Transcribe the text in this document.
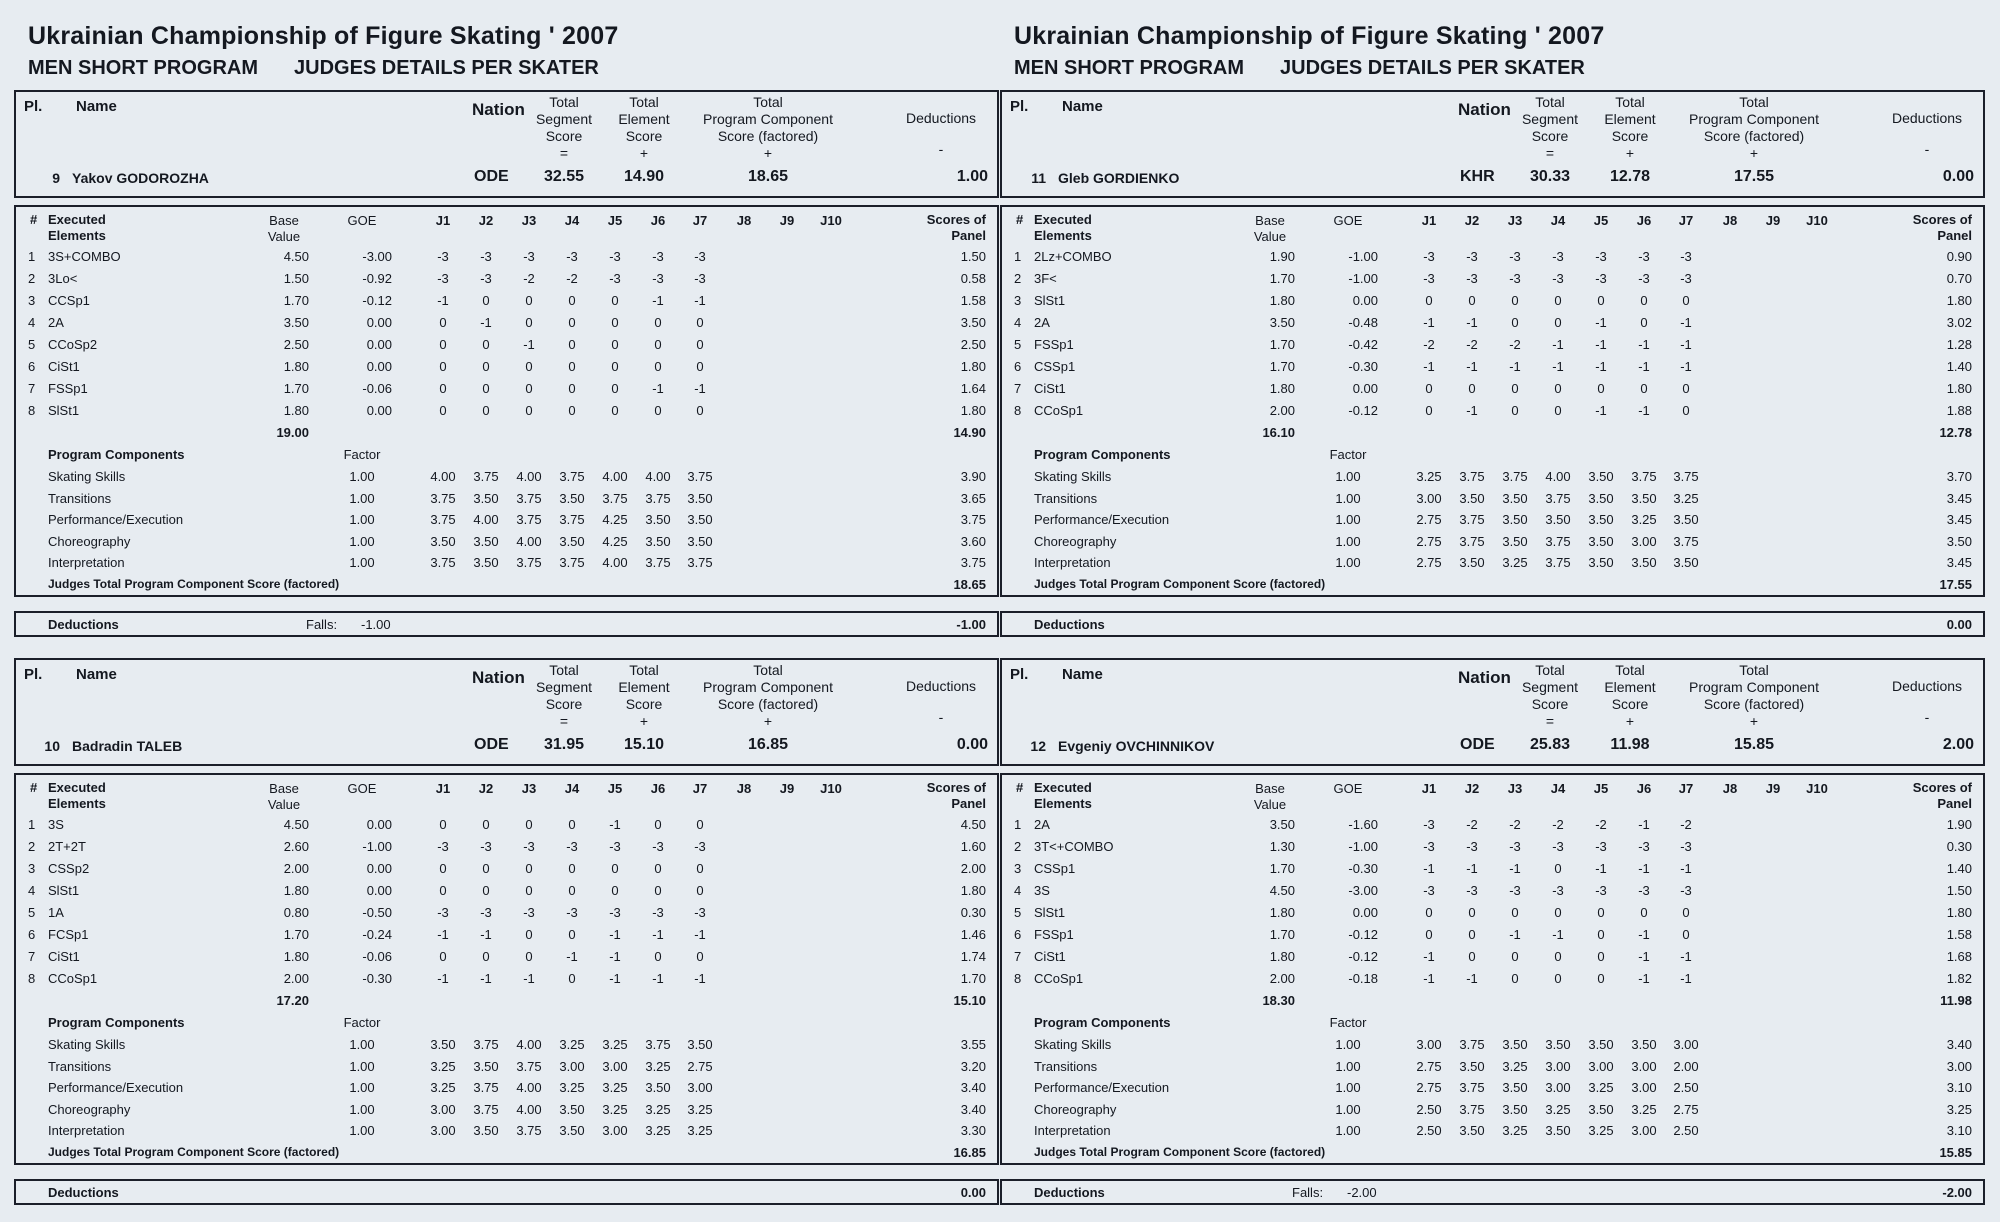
Ukrainian Championship of Figure Skating ' 2007
MEN SHORT PROGRAM JUDGES DETAILS PER SKATER
Pl. Name	Nation	Total
Segment
Score
=
Total
Element
Score
+
Total
Program Component
Score (factored)
+
Deductions
-
9 Yakov GODOROZHA	ODE	32.55	14.90	18.65	1.00
# Executed
Elements
Base
Value
GOE	J1	J2	J3	J4	J5	J6	J7	J8	J9	J10	Scores of
Panel
1 3S+COMBO	4.50	-3.00	-3	-3	-3	-3	-3	-3	-3	1.50
2 3Lo<	1.50	-0.92	-3	-3	-2	-2	-3	-3	-3	0.58
3 CCSp1	1.70	-0.12	-1	0	0	0	0	-1	-1	1.58
4 2A	3.50	0.00	0	-1	0	0	0	0	0	3.50
5 CCoSp2	2.50	0.00	0	0	-1	0	0	0	0	2.50
6 CiSt1	1.80	0.00	0	0	0	0	0	0	0	1.80
7 FSSp1	1.70	-0.06	0	0	0	0	0	-1	-1	1.64
8 SlSt1	1.80	0.00	0	0	0	0	0	0	0	1.80
19.00	14.90
Program Components	Factor
Skating Skills	1.00	4.00	3.75	4.00	3.75	4.00	4.00	3.75	3.90
Transitions	1.00	3.75	3.50	3.75	3.50	3.75	3.75	3.50	3.65
Performance/Execution	1.00	3.75	4.00	3.75	3.75	4.25	3.50	3.50	3.75
Choreography	1.00	3.50	3.50	4.00	3.50	4.25	3.50	3.50	3.60
Interpretation	1.00	3.75	3.50	3.75	3.75	4.00	3.75	3.75	3.75
Judges Total Program Component Score (factored)	18.65
Deductions	Falls: -1.00	-1.00
Pl. Name	Nation	Total
Segment
Score
=
Total
Element
Score
+
Total
Program Component
Score (factored)
+
Deductions
-
10 Badradin TALEB	ODE	31.95	15.10	16.85	0.00
# Executed
Elements
Base
Value
GOE	J1	J2	J3	J4	J5	J6	J7	J8	J9	J10	Scores of
Panel
1 3S	4.50	0.00	0	0	0	0	-1	0	0	4.50
2 2T+2T	2.60	-1.00	-3	-3	-3	-3	-3	-3	-3	1.60
3 CSSp2	2.00	0.00	0	0	0	0	0	0	0	2.00
4 SlSt1	1.80	0.00	0	0	0	0	0	0	0	1.80
5 1A	0.80	-0.50	-3	-3	-3	-3	-3	-3	-3	0.30
6 FCSp1	1.70	-0.24	-1	-1	0	0	-1	-1	-1	1.46
7 CiSt1	1.80	-0.06	0	0	0	-1	-1	0	0	1.74
8 CCoSp1	2.00	-0.30	-1	-1	-1	0	-1	-1	-1	1.70
17.20	15.10
Program Components	Factor
Skating Skills	1.00	3.50	3.75	4.00	3.25	3.25	3.75	3.50	3.55
Transitions	1.00	3.25	3.50	3.75	3.00	3.00	3.25	2.75	3.20
Performance/Execution	1.00	3.25	3.75	4.00	3.25	3.25	3.50	3.00	3.40
Choreography	1.00	3.00	3.75	4.00	3.50	3.25	3.25	3.25	3.40
Interpretation	1.00	3.00	3.50	3.75	3.50	3.00	3.25	3.25	3.30
Judges Total Program Component Score (factored)	16.85
Deductions	0.00
Ukrainian Championship of Figure Skating ' 2007
MEN SHORT PROGRAM JUDGES DETAILS PER SKATER
Pl. Name	Nation	Total
Segment
Score
=
Total
Element
Score
+
Total
Program Component
Score (factored)
+
Deductions
-
11 Gleb GORDIENKO	KHR	30.33	12.78	17.55	0.00
# Executed
Elements
Base
Value
GOE	J1	J2	J3	J4	J5	J6	J7	J8	J9	J10	Scores of
Panel
1 2Lz+COMBO	1.90	-1.00	-3	-3	-3	-3	-3	-3	-3	0.90
2 3F<	1.70	-1.00	-3	-3	-3	-3	-3	-3	-3	0.70
3 SlSt1	1.80	0.00	0	0	0	0	0	0	0	1.80
4 2A	3.50	-0.48	-1	-1	0	0	-1	0	-1	3.02
5 FSSp1	1.70	-0.42	-2	-2	-2	-1	-1	-1	-1	1.28
6 CSSp1	1.70	-0.30	-1	-1	-1	-1	-1	-1	-1	1.40
7 CiSt1	1.80	0.00	0	0	0	0	0	0	0	1.80
8 CCoSp1	2.00	-0.12	0	-1	0	0	-1	-1	0	1.88
16.10	12.78
Program Components	Factor
Skating Skills	1.00	3.25	3.75	3.75	4.00	3.50	3.75	3.75	3.70
Transitions	1.00	3.00	3.50	3.50	3.75	3.50	3.50	3.25	3.45
Performance/Execution	1.00	2.75	3.75	3.50	3.50	3.50	3.25	3.50	3.45
Choreography	1.00	2.75	3.75	3.50	3.75	3.50	3.00	3.75	3.50
Interpretation	1.00	2.75	3.50	3.25	3.75	3.50	3.50	3.50	3.45
Judges Total Program Component Score (factored)	17.55
Deductions	0.00
Pl. Name	Nation	Total
Segment
Score
=
Total
Element
Score
+
Total
Program Component
Score (factored)
+
Deductions
-
12 Evgeniy OVCHINNIKOV	ODE	25.83	11.98	15.85	2.00
# Executed
Elements
Base
Value
GOE	J1	J2	J3	J4	J5	J6	J7	J8	J9	J10	Scores of
Panel
1 2A	3.50	-1.60	-3	-2	-2	-2	-2	-1	-2	1.90
2 3T<+COMBO	1.30	-1.00	-3	-3	-3	-3	-3	-3	-3	0.30
3 CSSp1	1.70	-0.30	-1	-1	-1	0	-1	-1	-1	1.40
4 3S	4.50	-3.00	-3	-3	-3	-3	-3	-3	-3	1.50
5 SlSt1	1.80	0.00	0	0	0	0	0	0	0	1.80
6 FSSp1	1.70	-0.12	0	0	-1	-1	0	-1	0	1.58
7 CiSt1	1.80	-0.12	-1	0	0	0	0	-1	-1	1.68
8 CCoSp1	2.00	-0.18	-1	-1	0	0	0	-1	-1	1.82
18.30	11.98
Program Components	Factor
Skating Skills	1.00	3.00	3.75	3.50	3.50	3.50	3.50	3.00	3.40
Transitions	1.00	2.75	3.50	3.25	3.00	3.00	3.00	2.00	3.00
Performance/Execution	1.00	2.75	3.75	3.50	3.00	3.25	3.00	2.50	3.10
Choreography	1.00	2.50	3.75	3.50	3.25	3.50	3.25	2.75	3.25
Interpretation	1.00	2.50	3.50	3.25	3.50	3.25	3.00	2.50	3.10
Judges Total Program Component Score (factored)	15.85
Deductions	Falls: -2.00	-2.00
